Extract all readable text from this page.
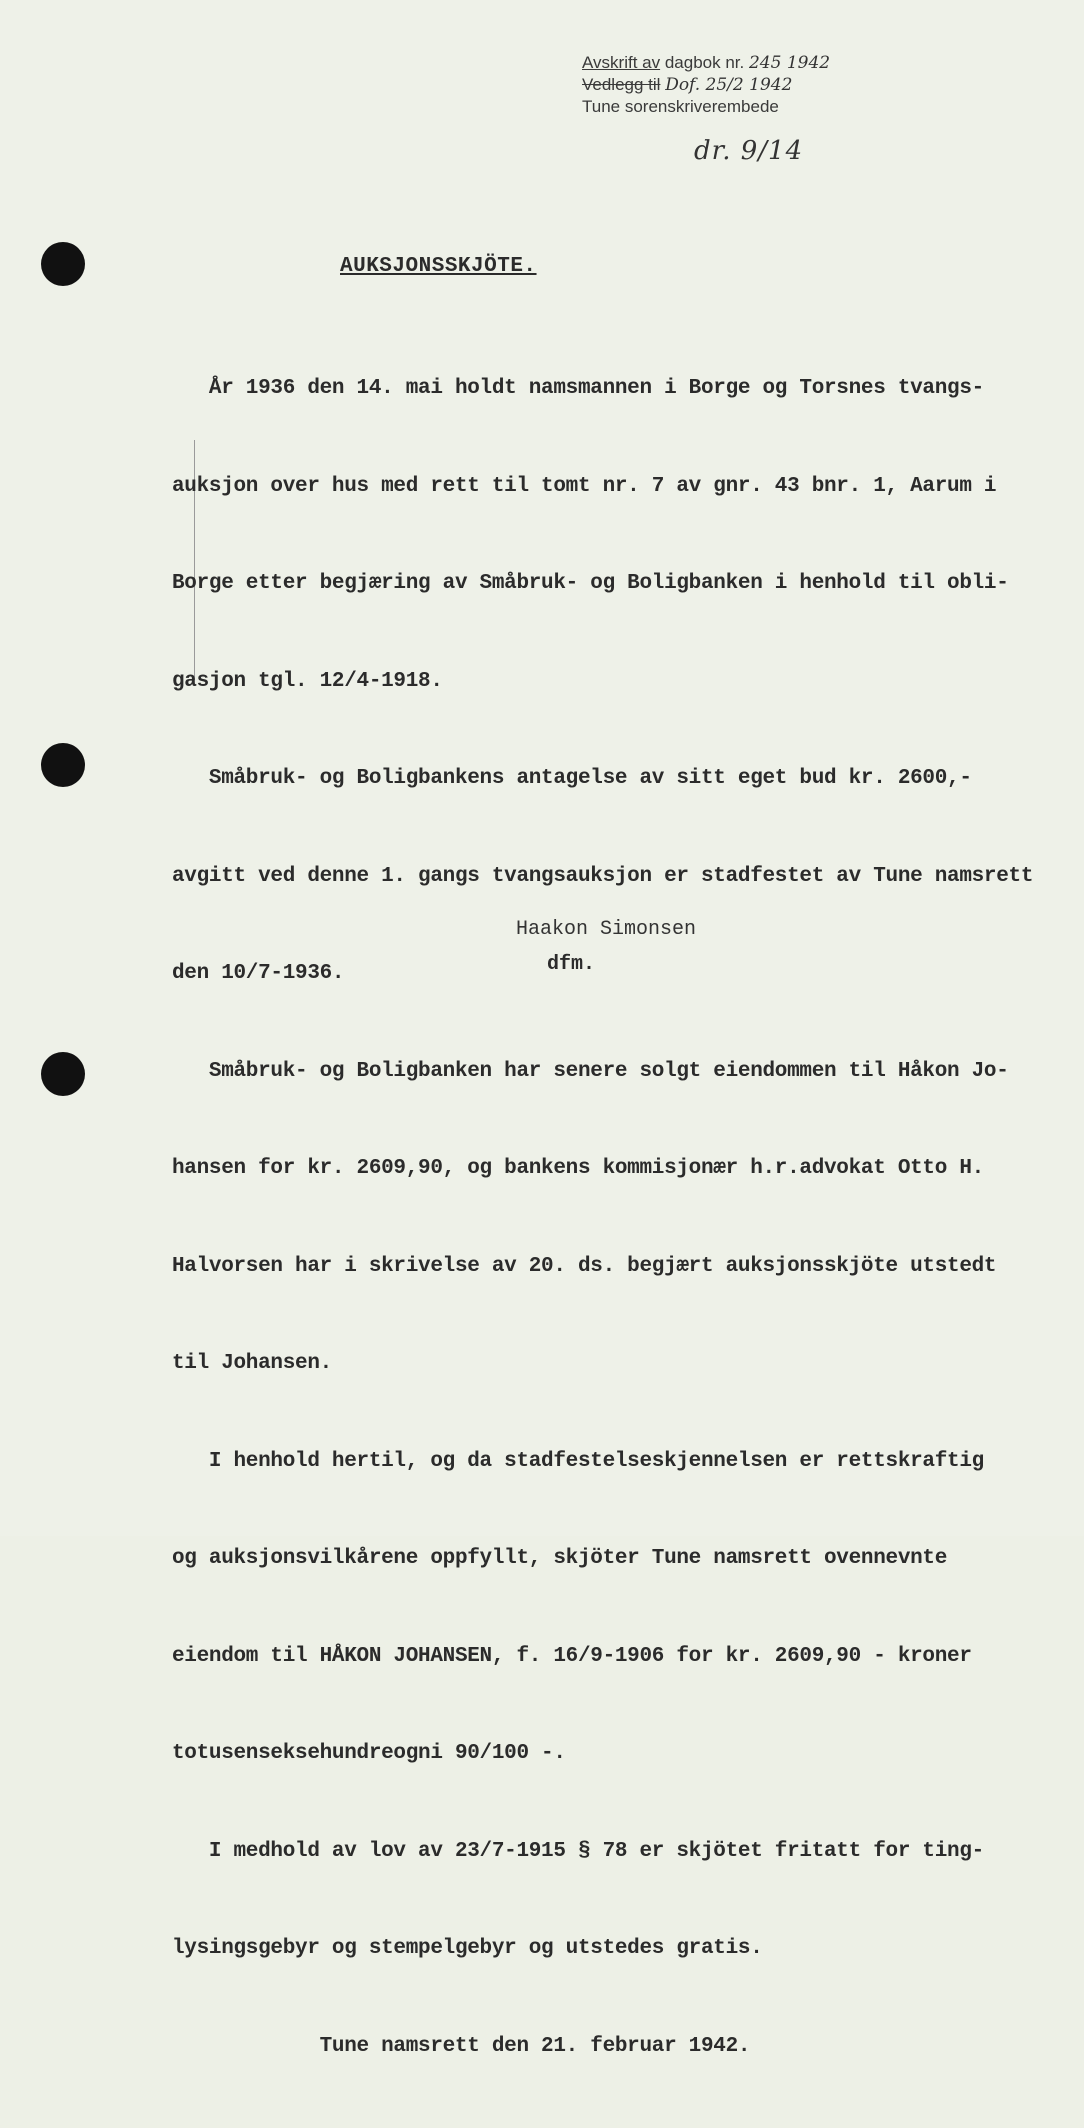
Avskrift av dagbok nr. 245 1942
Vedlegg til Dof. 25/2 1942
Tune sorenskriverembede
dr. 9/14
AUKSJONSSKJÖTE.

År 1936 den 14. mai holdt namsmannen i Borge og Torsnes tvangs-

auksjon over hus med rett til tomt nr. 7 av gnr. 43 bnr. 1, Aarum i

Borge etter begjæring av Småbruk- og Boligbanken i henhold til obli-

gasjon tgl. 12/4-1918.

Småbruk- og Boligbankens antagelse av sitt eget bud kr. 2600,-

avgitt ved denne 1. gangs tvangsauksjon er stadfestet av Tune namsrett

den 10/7-1936.

Småbruk- og Boligbanken har senere solgt eiendommen til Håkon Jo-

hansen for kr. 2609,90, og bankens kommisjonær h.r.advokat Otto H.

Halvorsen har i skrivelse av 20. ds. begjært auksjonsskjöte utstedt

til Johansen.

I henhold hertil, og da stadfestelseskjennelsen er rettskraftig

og auksjonsvilkårene oppfyllt, skjöter Tune namsrett ovennevnte

eiendom til HÅKON JOHANSEN, f. 16/9-1906 for kr. 2609,90 - kroner

totusenseksehundreogni 90/100 -.

I medhold av lov av 23/7-1915 § 78 er skjötet fritatt for ting-

lysingsgebyr og stempelgebyr og utstedes gratis.

Tune namsrett den 21. februar 1942.

Haakon Simonsen
dfm.
